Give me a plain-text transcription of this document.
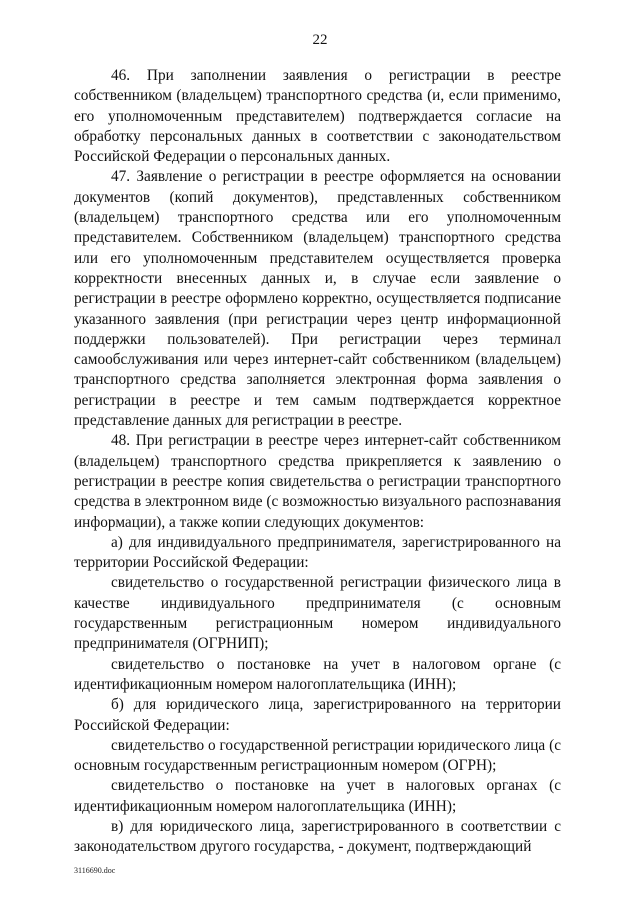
22

46. При заполнении заявления о регистрации в реестре собственником (владельцем) транспортного средства (и, если применимо, его уполномоченным представителем) подтверждается согласие на обработку персональных данных в соответствии с законодательством Российской Федерации о персональных данных.

47. Заявление о регистрации в реестре оформляется на основании документов (копий документов), представленных собственником (владельцем) транспортного средства или его уполномоченным представителем. Собственником (владельцем) транспортного средства или его уполномоченным представителем осуществляется проверка корректности внесенных данных и, в случае если заявление о регистрации в реестре оформлено корректно, осуществляется подписание указанного заявления (при регистрации через центр информационной поддержки пользователей). При регистрации через терминал самообслуживания или через интернет-сайт собственником (владельцем) транспортного средства заполняется электронная форма заявления о регистрации в реестре и тем самым подтверждается корректное представление данных для регистрации в реестре.

48. При регистрации в реестре через интернет-сайт собственником (владельцем) транспортного средства прикрепляется к заявлению о регистрации в реестре копия свидетельства о регистрации транспортного средства в электронном виде (с возможностью визуального распознавания информации), а также копии следующих документов:

а) для индивидуального предпринимателя, зарегистрированного на территории Российской Федерации:

свидетельство о государственной регистрации физического лица в качестве индивидуального предпринимателя (с основным государственным регистрационным номером индивидуального предпринимателя (ОГРНИП);

свидетельство о постановке на учет в налоговом органе (с идентификационным номером налогоплательщика (ИНН);

б) для юридического лица, зарегистрированного на территории Российской Федерации:

свидетельство о государственной регистрации юридического лица (с основным государственным регистрационным номером (ОГРН);

свидетельство о постановке на учет в налоговых органах (с идентификационным номером налогоплательщика (ИНН);

в) для юридического лица, зарегистрированного в соответствии с законодательством другого государства, - документ, подтверждающий

3116690.doc
